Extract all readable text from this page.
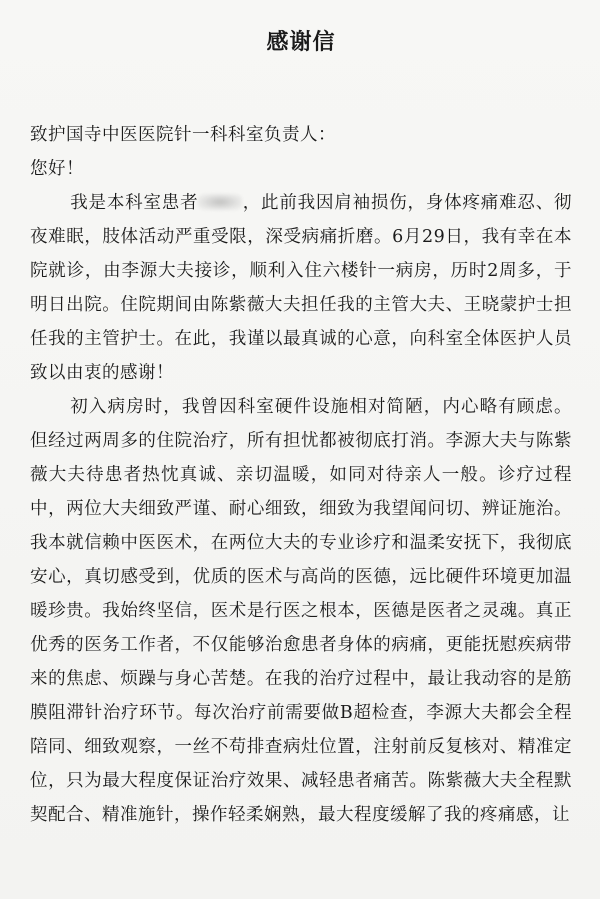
感谢信
致护国寺中医医院针一科科室负责人：
您好！

我是本科室患者	，此前我因肩袖损伤，身体疼痛难忍、彻夜难眠，肢体活动严重受限，深受病痛折磨。6月29日，我有幸在本院就诊，由李源大夫接诊，顺利入住六楼针一病房，历时2周多，于明日出院。住院期间由陈紫薇大夫担任我的主管大夫、王晓蒙护士担任我的主管护士。在此，我谨以最真诚的心意，向科室全体医护人员致以由衷的感谢！

初入病房时，我曾因科室硬件设施相对简陋，内心略有顾虑。但经过两周多的住院治疗，所有担忧都被彻底打消。李源大夫与陈紫薇大夫待患者热忱真诚、亲切温暖，如同对待亲人一般。诊疗过程中，两位大夫细致严谨、耐心细致，细致为我望闻问切、辨证施治。我本就信赖中医医术，在两位大夫的专业诊疗和温柔安抚下，我彻底安心，真切感受到，优质的医术与高尚的医德，远比硬件环境更加温暖珍贵。我始终坚信，医术是行医之根本，医德是医者之灵魂。真正优秀的医务工作者，不仅能够治愈患者身体的病痛，更能抚慰疾病带来的焦虑、烦躁与身心苦楚。在我的治疗过程中，最让我动容的是筋膜阻滞针治疗环节。每次治疗前需要做B超检查，李源大夫都会全程陪同、细致观察，一丝不苟排查病灶位置，注射前反复核对、精准定位，只为最大程度保证治疗效果、减轻患者痛苦。陈紫薇大夫全程默契配合、精准施针，操作轻柔娴熟，最大程度缓解了我的疼痛感，让
